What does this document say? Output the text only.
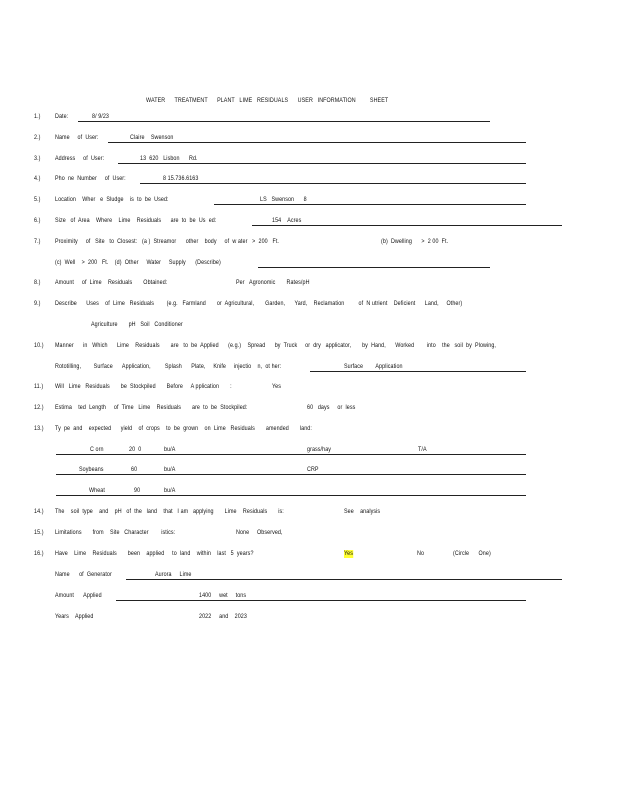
WATER      TREATMENT      PLANT   LIME   RESIDUALS      USER   INFORMATION         SHEET
1.) Date:	8/ 9/23
2.) Name     of  User:	Claire    Swenson
3.) Address     of  User:	13  620   Lisbon      Rd.
4.) Pho  ne  Number     of  User:	8 15.736.6163
5.) Location    Wher   e  Sludge    is  to  be  Used:	LS   Swenson      8
6.) Size   of  Area    Where    Lime    Residuals      are  to  be  Us  ed:	154    Acres
7.) Proximity     of   Site   to  Closest:   (a )  Streamor      other    body     of  w ater   >  200   Ft.	(b)  Dwelling      >  2 00  Ft.
(c)  Well    >  200   Ft.    (d)  Other     Water     Supply      (Describe)
8.) Amount     of  Lime    Residuals       Obtained:	Per   Agronomic       Rates/pH
9.) Describe      Uses    of  Lime   Residuals        (e.g.   Farmland       or  Agricultural,       Garden,      Yard,    Reclamation         of  N utrient    Deficient      Land,     Other)
Agriculture       pH   Soil   Conditioner
10.) Manner      in   Which      Lime    Residuals       are   to  be  Applied      (e.g.)    Spread      by  Truck     or  dry   applicator,       by  Hand,      Worked        into    the   soil  by  Plowing,
Rototilling,        Surface      Application,         Splash      Plate,     Knife     injectio    n,  ot her:	Surface        Application
11.) Will   Lime   Residuals       be  Stockpiled       Before     A pplication       :	Yes
12.) Estima    ted  Length     of  Time   Lime    Residuals       are  to  be  Stockpiled:	60   days     or  less
13.) Ty  pe  and    expected      yield    of  crops    to  be  grown    on  Lime   Residuals       amended       land:
C orn	20  0	bu/A	grass/hay	T/A
Soybeans	60	bu/A	CRP
Wheat	90	bu/A
14.) The    soil  type    and    pH   of  the   land    that   I am   applying       Lime    Residuals       is:	See    analysis
15.) Limitations       from    Site   Character        istics:	None     Observed,
16.) Have    Lime    Residuals       been    applied     to  land    within    last   5  years?	Yes	No	(Circle      One)
Name      of  Generator	Aurora     Lime
Amount      Applied	1400     wet     tons
Years    Applied	2022     and    2023
